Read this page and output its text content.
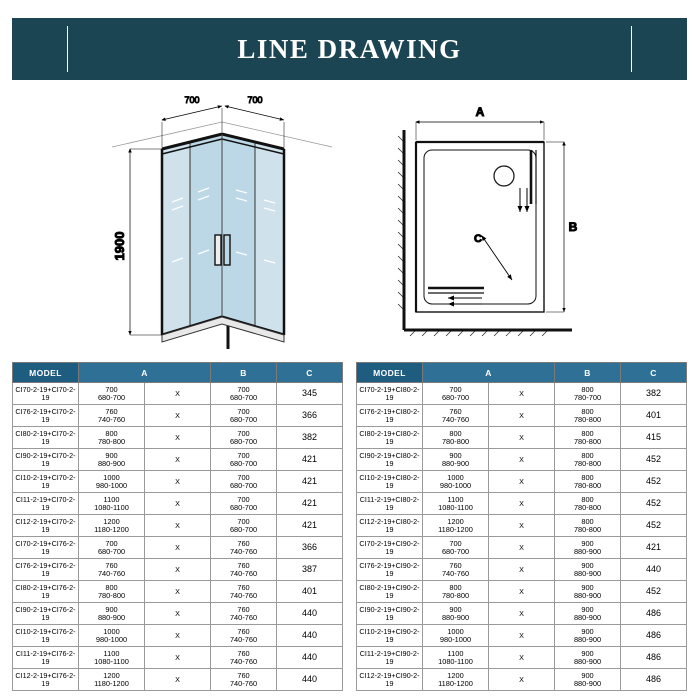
LINE DRAWING
700	700
1900	C
A
B
MODEL	A		B	C
CI70-2-19+CI70-2-19	700
680-700	X	700
680-700	345
CI76-2-19+CI70-2-19	760
740-760	X	700
680-700	366
CI80-2-19+CI70-2-19	800
780-800	X	700
680-700	382
CI90-2-19+CI70-2-19	900
880-900	X	700
680-700	421
CI10-2-19+CI70-2-19	1000
980-1000	X	700
680-700	421
CI11-2-19+CI70-2-19	1100
1080-1100	X	700
680-700	421
CI12-2-19+CI70-2-19	1200
1180-1200	X	700
680-700	421
CI70-2-19+CI76-2-19	700
680-700	X	760
740-760	366
CI76-2-19+CI76-2-19	760
740-760	X	760
740-760	387
CI80-2-19+CI76-2-19	800
780-800	X	760
740-760	401
CI90-2-19+CI76-2-19	900
880-900	X	760
740-760	440
CI10-2-19+CI76-2-19	1000
980-1000	X	760
740-760	440
CI11-2-19+CI76-2-19	1100
1080-1100	X	760
740-760	440
CI12-2-19+CI76-2-19	1200
1180-1200	X	760
740-760	440
MODEL	A		B	C
CI70-2-19+CI80-2-19	700
680-700	X	800
780-700	382
CI76-2-19+CI80-2-19	760
740-760	X	800
780-800	401
CI80-2-19+CI80-2-19	800
780-800	X	800
780-800	415
CI90-2-19+CI80-2-19	900
880-900	X	800
780-800	452
CI10-2-19+CI80-2-19	1000
980-1000	X	800
780-800	452
CI11-2-19+CI80-2-19	1100
1080-1100	X	800
780-800	452
CI12-2-19+CI80-2-19	1200
1180-1200	X	800
780-800	452
CI70-2-19+CI90-2-19	700
680-700	X	900
880-900	421
CI76-2-19+CI90-2-19	760
740-760	X	900
880-900	440
CI80-2-19+CI90-2-19	800
780-800	X	900
880-900	452
CI90-2-19+CI90-2-19	900
880-900	X	900
880-900	486
CI10-2-19+CI90-2-19	1000
980-1000	X	900
880-900	486
CI11-2-19+CI90-2-19	1100
1080-1100	X	900
880-900	486
CI12-2-19+CI90-2-19	1200
1180-1200	X	900
880-900	486
